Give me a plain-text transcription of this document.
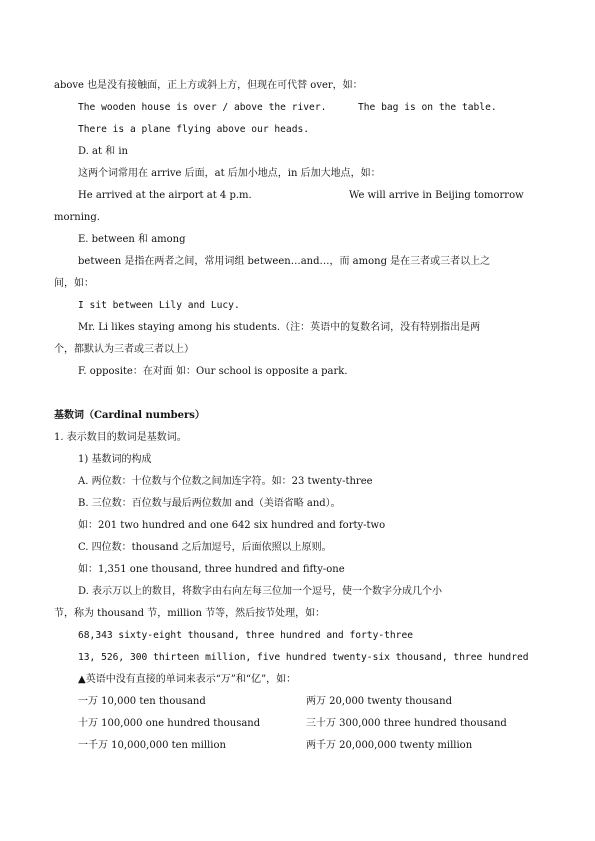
above 也是没有接触面，正上方或斜上方，但现在可代替 over，如：
The wooden house is over / above the river.	The bag is on the table.
There is a plane flying above our heads.
D. at 和 in
这两个词常用在 arrive 后面，at 后加小地点，in 后加大地点，如：
He arrived at the airport at 4 p.m.	We will arrive in Beijing tomorrow
morning.
E. between 和 among
between 是指在两者之间，常用词组 between…and…，而 among 是在三者或三者以上之
间，如：
I sit between Lily and Lucy.
Mr. Li likes staying among his students.（注：英语中的复数名词，没有特别指出是两
个，都默认为三者或三者以上）
F. opposite：在对面 如：Our school is opposite a park.
基数词（Cardinal numbers）
1. 表示数目的数词是基数词。
1) 基数词的构成
A. 两位数：十位数与个位数之间加连字符。如：23 twenty-three
B. 三位数：百位数与最后两位数加 and（美语省略 and）。
如：201 two hundred and one 642 six hundred and forty-two
C. 四位数：thousand 之后加逗号，后面依照以上原则。
如：1,351 one thousand, three hundred and fifty-one
D. 表示万以上的数目，将数字由右向左每三位加一个逗号，使一个数字分成几个小
节，称为 thousand 节，million 节等，然后按节处理，如：
68,343 sixty-eight thousand, three hundred and forty-three
13, 526, 300 thirteen million, five hundred twenty-six thousand, three hundred
▲英语中没有直接的单词来表示“万”和“亿”，如：
一万 10,000 ten thousand	两万 20,000 twenty thousand
十万 100,000 one hundred thousand	三十万 300,000 three hundred thousand
一千万 10,000,000 ten million	两千万 20,000,000 twenty million
